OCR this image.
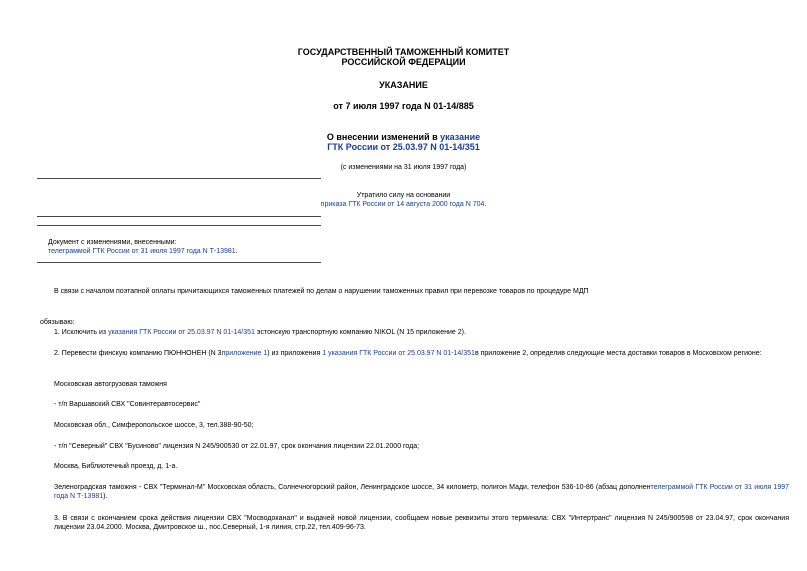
ГОСУДАРСТВЕННЫЙ ТАМОЖЕННЫЙ КОМИТЕТ
РОССИЙСКОЙ ФЕДЕРАЦИИ
УКАЗАНИЕ
от 7 июля 1997 года N 01-14/885
О внесении изменений в указание
ГТК России от 25.03.97 N 01-14/351
(с изменениями на 31 июля 1997 года)
Утратило силу на основании
приказа ГТК России от 14 августа 2000 года N 704.
Документ с изменениями, внесенными:
телеграммой ГТК России от 31 июля 1997 года N Т-13981.
В связи с началом поэтапной оплаты причитающихся таможенных платежей по делам о нарушении таможенных правил при перевозке товаров по процедуре МДП
обязываю:
1. Исключить из указания ГТК России от 25.03.97 N 01-14/351 эстонскую транспортную компанию NIKOL (N 15 приложение 2).
2. Перевести финскую компанию ПЮННОНЕН (N 3приложение 1) из приложения 1 указания ГТК России от 25.03.97 N 01-14/351в приложение 2, определив следующие места доставки товаров в Московском регионе:
Московская автогрузовая таможня
- т/п Варшавский СВХ "Совинтеравтосервис"
Московская обл., Симферопольское шоссе, 3, тел.388-90-50;
- т/п "Северный" СВХ "Бусиново" лицензия N 245/900530 от 22.01.97, срок окончания лицензии 22.01.2000 года;
Москва, Библиотечный проезд, д. 1-а.
Зеленоградская таможня - СВХ "Терминал-М" Московская область, Солнечногорский район, Ленинградское шоссе, 34 километр, полигон Мади, телефон 536-10-86 (абзац дополнентелеграммой ГТК России от 31 июля 1997 года N Т-13981).
3. В связи с окончанием срока действия лицензии СВХ "Мосводоканал" и выдачей новой лицензии, сообщаем новые реквизиты этого терминала: СВХ "Интертранс" лицензия N 245/900598 от 23.04.97, срок окончания лицензии 23.04.2000. Москва, Дмитровское ш., пос.Северный, 1-я линия, стр.22, тел.409-96-73.
